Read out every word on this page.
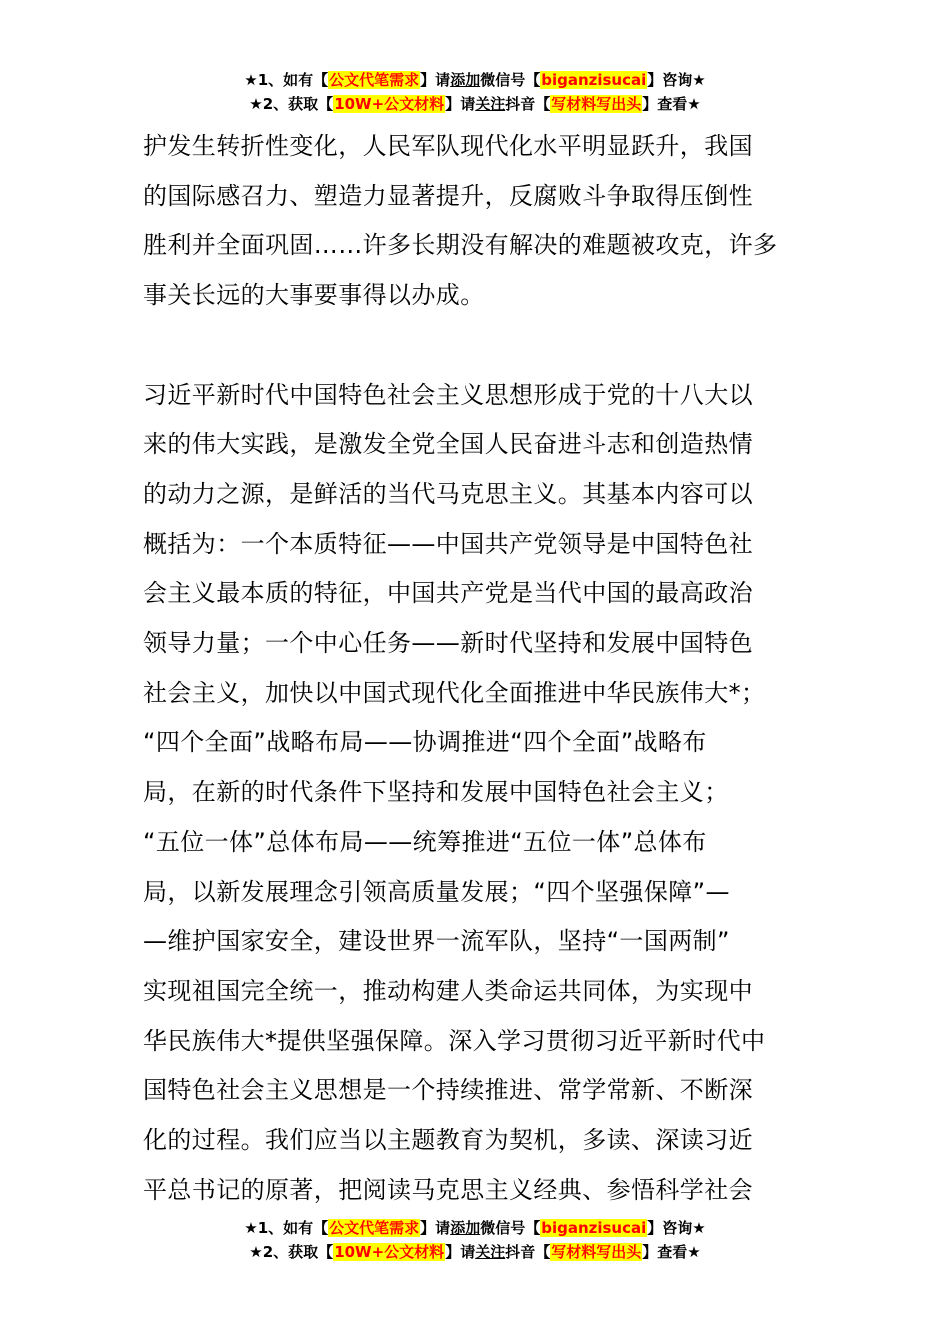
★1、如有【公文代笔需求】请添加微信号【biganzisucai】咨询★
★2、获取【10W+公文材料】请关注抖音【写材料写出头】查看★

护发生转折性变化，人民军队现代化水平明显跃升，我国

的国际感召力、塑造力显著提升，反腐败斗争取得压倒性

胜利并全面巩固……许多长期没有解决的难题被攻克，许多

事关长远的大事要事得以办成。

习近平新时代中国特色社会主义思想形成于党的十八大以

来的伟大实践，是激发全党全国人民奋进斗志和创造热情

的动力之源，是鲜活的当代马克思主义。其基本内容可以

概括为：一个本质特征——中国共产党领导是中国特色社

会主义最本质的特征，中国共产党是当代中国的最高政治

领导力量；一个中心任务——新时代坚持和发展中国特色

社会主义，加快以中国式现代化全面推进中华民族伟大*；

“四个全面”战略布局——协调推进“四个全面”战略布

局，在新的时代条件下坚持和发展中国特色社会主义；

“五位一体”总体布局——统筹推进“五位一体”总体布

局，以新发展理念引领高质量发展；“四个坚强保障”—

—维护国家安全，建设世界一流军队，坚持“一国两制”

实现祖国完全统一，推动构建人类命运共同体，为实现中

华民族伟大*提供坚强保障。深入学习贯彻习近平新时代中

国特色社会主义思想是一个持续推进、常学常新、不断深

化的过程。我们应当以主题教育为契机，多读、深读习近

平总书记的原著，把阅读马克思主义经典、参悟科学社会

★1、如有【公文代笔需求】请添加微信号【biganzisucai】咨询★
★2、获取【10W+公文材料】请关注抖音【写材料写出头】查看★
